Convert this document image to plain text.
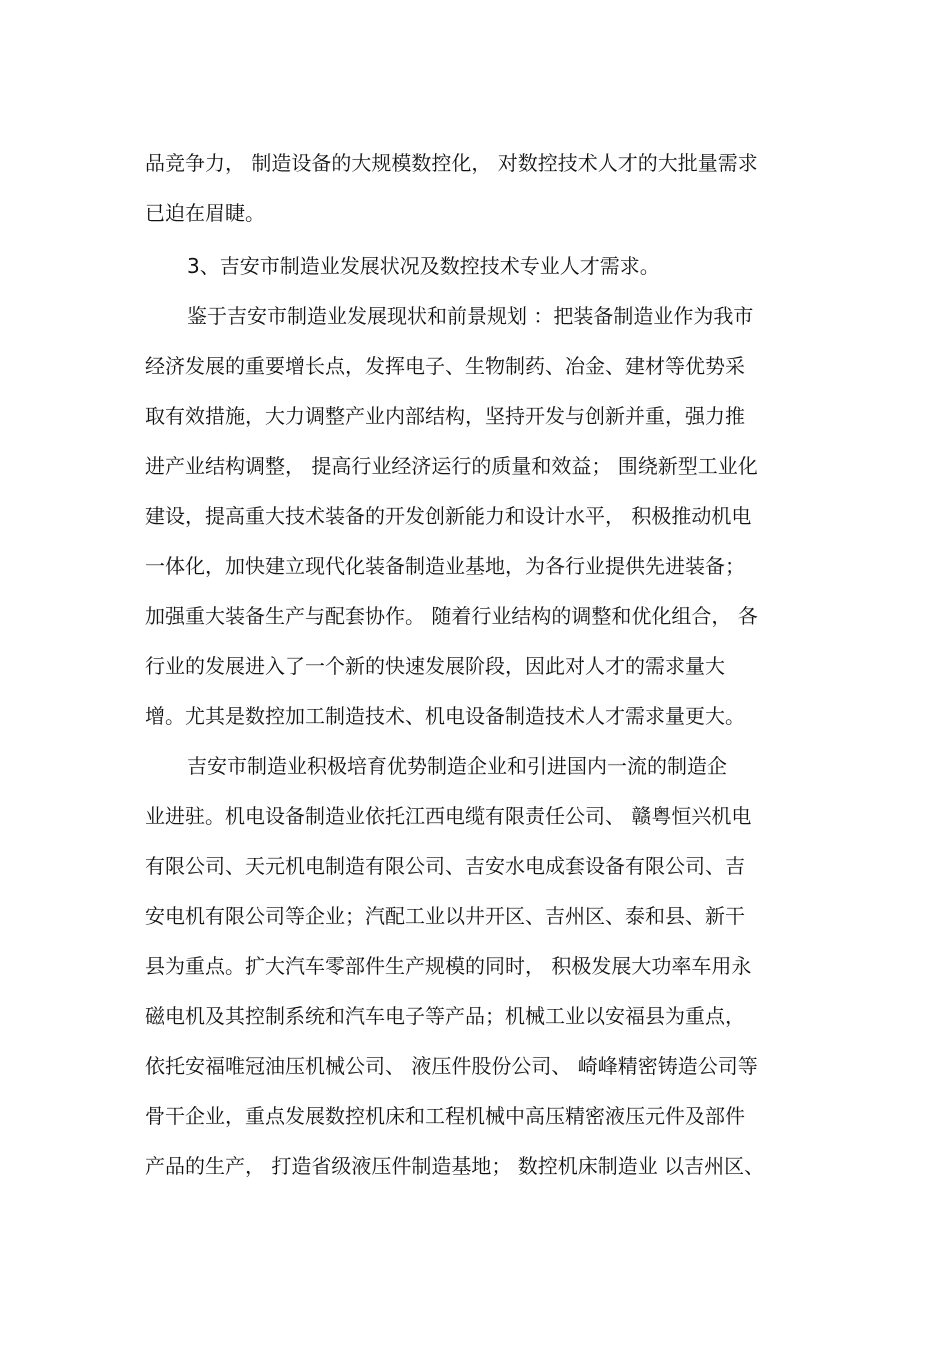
品竞争力， 制造设备的大规模数控化， 对数控技术人才的大批量需求
已迫在眉睫。
3、吉安市制造业发展状况及数控技术专业人才需求。
鉴于吉安市制造业发展现状和前景规划 ：把装备制造业作为我市
经济发展的重要增长点，发挥电子、生物制药、冶金、建材等优势采
取有效措施，大力调整产业内部结构，坚持开发与创新并重，强力推
进产业结构调整， 提高行业经济运行的质量和效益； 围绕新型工业化
建设，提高重大技术装备的开发创新能力和设计水平， 积极推动机电
一体化，加快建立现代化装备制造业基地，为各行业提供先进装备；
加强重大装备生产与配套协作。 随着行业结构的调整和优化组合， 各
行业的发展进入了一个新的快速发展阶段，因此对人才的需求量大
增。尤其是数控加工制造技术、机电设备制造技术人才需求量更大。
吉安市制造业积极培育优势制造企业和引进国内一流的制造企
业进驻。机电设备制造业依托江西电缆有限责任公司、 赣粤恒兴机电
有限公司、天元机电制造有限公司、吉安水电成套设备有限公司、吉
安电机有限公司等企业；汽配工业以井开区、吉州区、泰和县、新干
县为重点。扩大汽车零部件生产规模的同时， 积极发展大功率车用永
磁电机及其控制系统和汽车电子等产品；机械工业以安福县为重点，
依托安福唯冠油压机械公司、 液压件股份公司、 崎峰精密铸造公司等
骨干企业，重点发展数控机床和工程机械中高压精密液压元件及部件
产品的生产， 打造省级液压件制造基地； 数控机床制造业 以吉州区、
